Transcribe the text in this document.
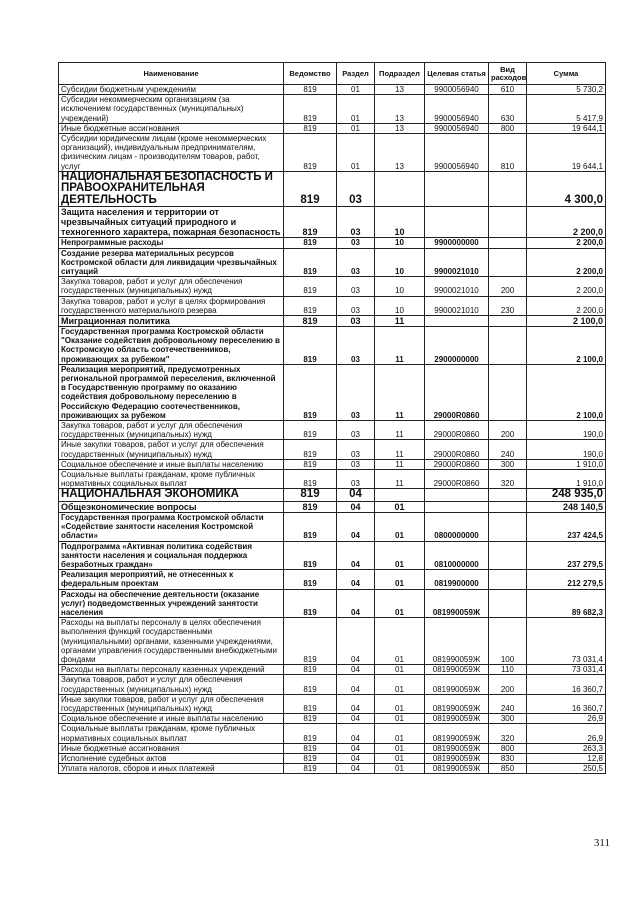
Наименование	Ведомство	Раздел	Подраздел	Целевая статья	Вид расходов	Сумма
Субсидии бюджетным учреждениям	819	01	13	9900056940	610	5 730,2
Субсидии некоммерческим организациям (за исключением государственных (муниципальных) учреждений)	819	01	13	9900056940	630	5 417,9
Иные бюджетные ассигнования	819	01	13	9900056940	800	19 644,1
Субсидии юридическим лицам (кроме некоммерческих организаций), индивидуальным предпринимателям, физическим лицам - производителям товаров, работ, услуг	819	01	13	9900056940	810	19 644,1
НАЦИОНАЛЬНАЯ БЕЗОПАСНОСТЬ И ПРАВООХРАНИТЕЛЬНАЯ ДЕЯТЕЛЬНОСТЬ	819	03				4 300,0
Защита населения и территории от чрезвычайных ситуаций природного и техногенного характера, пожарная безопасность	819	03	10			2 200,0
Непрограммные расходы	819	03	10	9900000000		2 200,0
Создание резерва материальных ресурсов Костромской области для ликвидации чрезвычайных ситуаций	819	03	10	9900021010		2 200,0
Закупка товаров, работ и услуг для обеспечения государственных (муниципальных) нужд	819	03	10	9900021010	200	2 200,0
Закупка товаров, работ и услуг в целях формирования государственного материального резерва	819	03	10	9900021010	230	2 200,0
Миграционная политика	819	03	11			2 100,0
Государственная программа Костромской области "Оказание содействия добровольному переселению в Костромскую область соотечественников, проживающих за рубежом"	819	03	11	2900000000		2 100,0
Реализация мероприятий, предусмотренных региональной программой переселения, включенной в Государственную программу по оказанию содействия добровольному переселению в Российскую Федерацию соотечественников, проживающих за рубежом	819	03	11	29000R0860		2 100,0
Закупка товаров, работ и услуг для обеспечения государственных (муниципальных) нужд	819	03	11	29000R0860	200	190,0
Иные закупки товаров, работ и услуг для обеспечения государственных (муниципальных) нужд	819	03	11	29000R0860	240	190,0
Социальное обеспечение и иные выплаты населению	819	03	11	29000R0860	300	1 910,0
Социальные выплаты гражданам, кроме публичных нормативных социальных выплат	819	03	11	29000R0860	320	1 910,0
НАЦИОНАЛЬНАЯ ЭКОНОМИКА	819	04				248 935,0
Общеэкономические вопросы	819	04	01			248 140,5
Государственная программа Костромской области «Содействие занятости населения Костромской области»	819	04	01	0800000000		237 424,5
Подпрограмма «Активная политика содействия занятости населения и социальная поддержка безработных граждан»	819	04	01	0810000000		237 279,5
Реализация мероприятий, не отнесенных к федеральным проектам	819	04	01	0819900000		212 279,5
Расходы на обеспечение деятельности (оказание услуг) подведомственных учреждений занятости населения	819	04	01	081990059Ж		89 682,3
Расходы на выплаты персоналу в целях обеспечения выполнения функций государственными (муниципальными) органами, казенными учреждениями, органами управления государственными внебюджетными фондами	819	04	01	081990059Ж	100	73 031,4
Расходы на выплаты персоналу казенных учреждений	819	04	01	081990059Ж	110	73 031,4
Закупка товаров, работ и услуг для обеспечения государственных (муниципальных) нужд	819	04	01	081990059Ж	200	16 360,7
Иные закупки товаров, работ и услуг для обеспечения государственных (муниципальных) нужд	819	04	01	081990059Ж	240	16 360,7
Социальное обеспечение и иные выплаты населению	819	04	01	081990059Ж	300	26,9
Социальные выплаты гражданам, кроме публичных нормативных социальных выплат	819	04	01	081990059Ж	320	26,9
Иные бюджетные ассигнования	819	04	01	081990059Ж	800	263,3
Исполнение судебных актов	819	04	01	081990059Ж	830	12,8
Уплата налогов, сборов и иных платежей	819	04	01	081990059Ж	850	250,5
311
